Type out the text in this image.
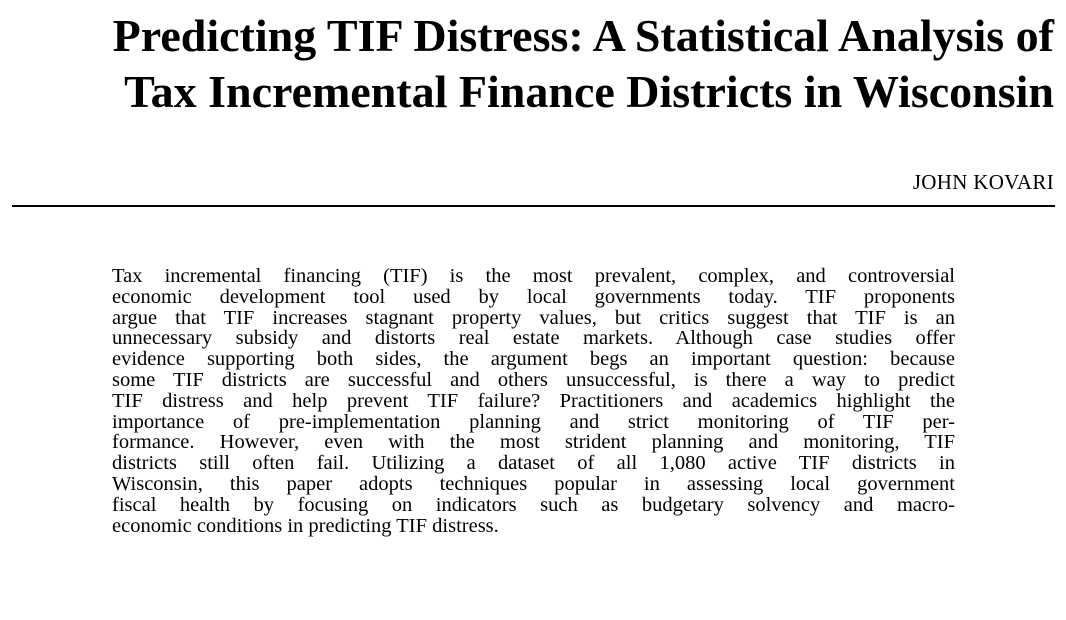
Predicting TIF Distress: A Statistical Analysis of
Tax Incremental Finance Districts in Wisconsin

JOHN KOVARI

Tax incremental financing (TIF) is the most prevalent, complex, and controversial
economic development tool used by local governments today. TIF proponents
argue that TIF increases stagnant property values, but critics suggest that TIF is an
unnecessary subsidy and distorts real estate markets. Although case studies offer
evidence supporting both sides, the argument begs an important question: because
some TIF districts are successful and others unsuccessful, is there a way to predict
TIF distress and help prevent TIF failure? Practitioners and academics highlight the
importance of pre-implementation planning and strict monitoring of TIF per-
formance. However, even with the most strident planning and monitoring, TIF
districts still often fail. Utilizing a dataset of all 1,080 active TIF districts in
Wisconsin, this paper adopts techniques popular in assessing local government
fiscal health by focusing on indicators such as budgetary solvency and macro-
economic conditions in predicting TIF distress.
